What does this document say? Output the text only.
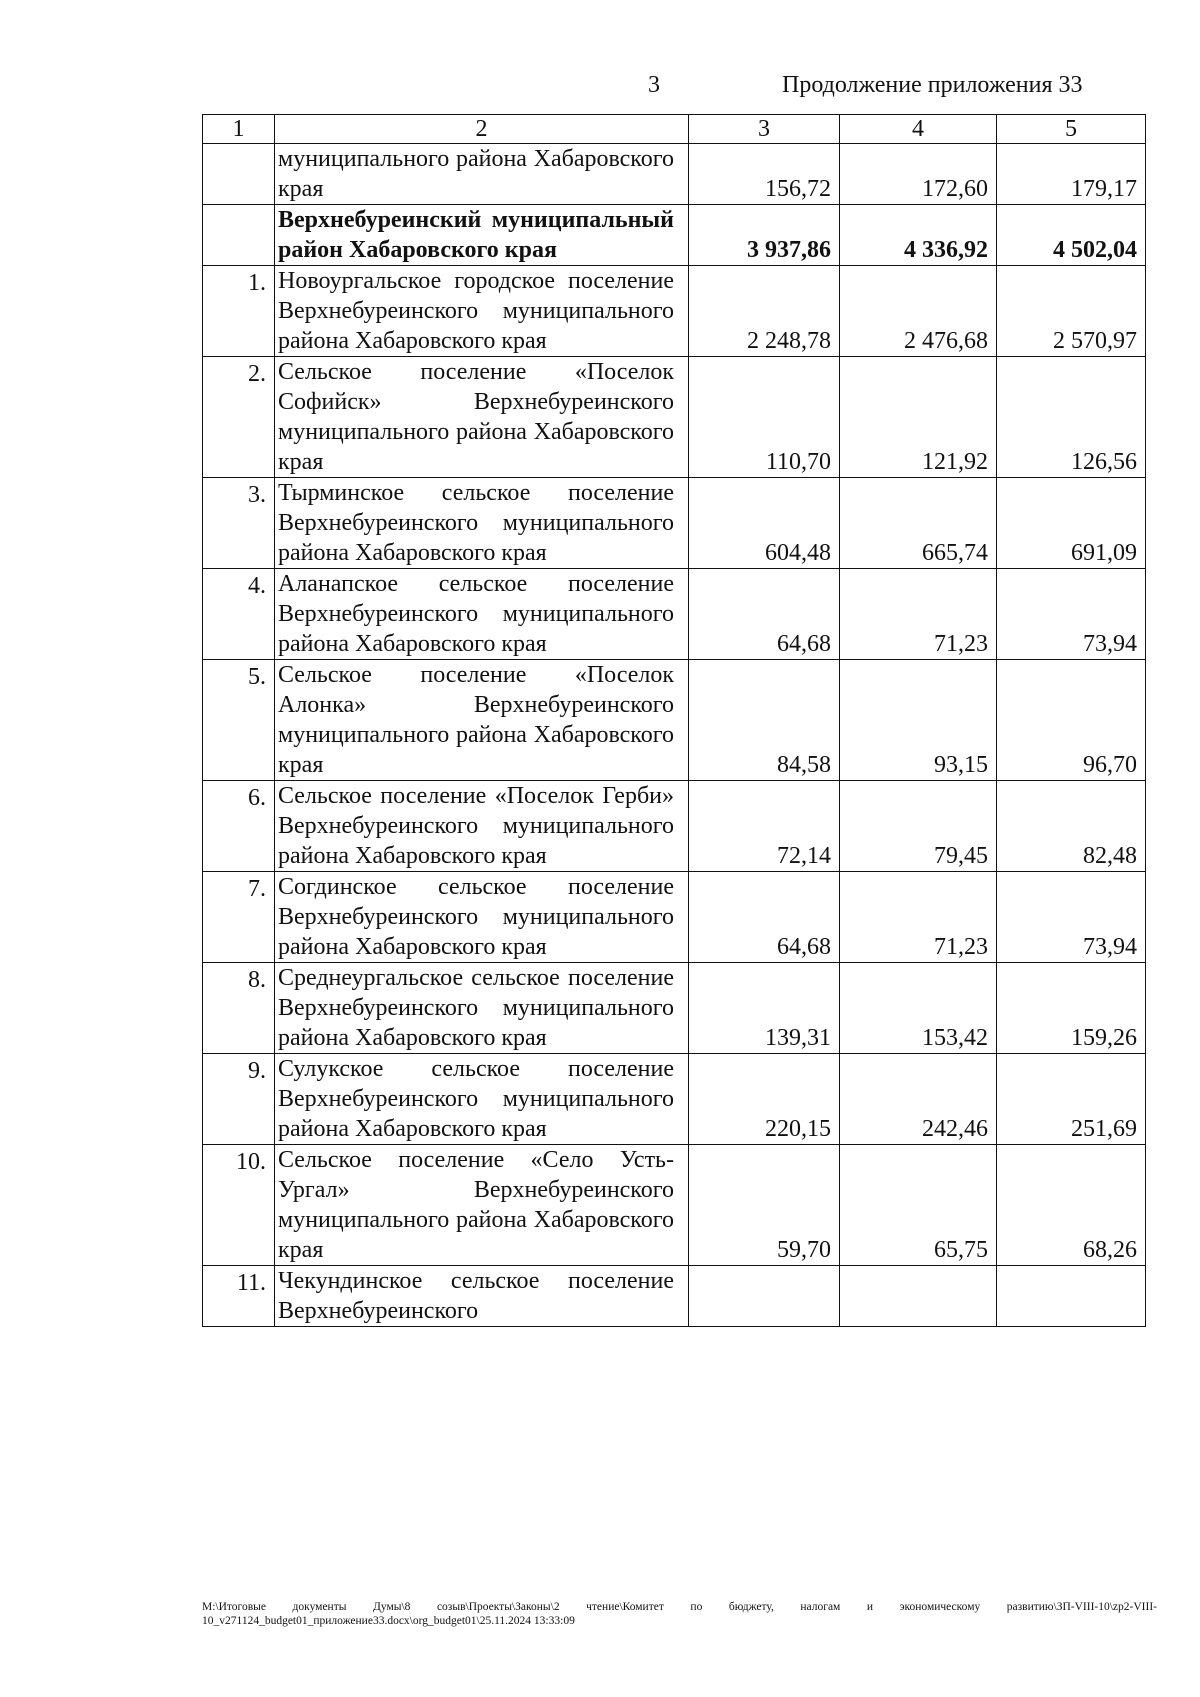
3	Продолжение приложения 33
1	2	3	4	5
	муниципального района Хабаровского края	156,72	172,60	179,17
	Верхнебуреинский муниципальный район Хабаровского края	3 937,86	4 336,92	4 502,04
1.	Новоургальское городское поселение Верхнебуреинского муниципального района Хабаровского края	2 248,78	2 476,68	2 570,97
2.	Сельское поселение «Поселок Софийск» Верхнебуреинского муниципального района Хабаровского края	110,70	121,92	126,56
3.	Тырминское сельское поселение Верхнебуреинского муниципального района Хабаровского края	604,48	665,74	691,09
4.	Аланапское сельское поселение Верхнебуреинского муниципального района Хабаровского края	64,68	71,23	73,94
5.	Сельское поселение «Поселок Алонка» Верхнебуреинского муниципального района Хабаровского края	84,58	93,15	96,70
6.	Сельское поселение «Поселок Герби» Верхнебуреинского муниципального района Хабаровского края	72,14	79,45	82,48
7.	Согдинское сельское поселение Верхнебуреинского муниципального района Хабаровского края	64,68	71,23	73,94
8.	Среднеургальское сельское поселение Верхнебуреинского муниципального района Хабаровского края	139,31	153,42	159,26
9.	Сулукское сельское поселение Верхнебуреинского муниципального района Хабаровского края	220,15	242,46	251,69
10.	Сельское поселение «Село Усть-Ургал» Верхнебуреинского муниципального района Хабаровского края	59,70	65,75	68,26
11.	Чекундинское сельское поселение Верхнебуреинского			
M:\Итоговые документы Думы\8 созыв\Проекты\Законы\2 чтение\Комитет по бюджету, налогам и экономическому развитию\ЗП-VIII-10\zp2-VIII-10_v271124_budget01_приложение33.docx\org_budget01\25.11.2024 13:33:09
